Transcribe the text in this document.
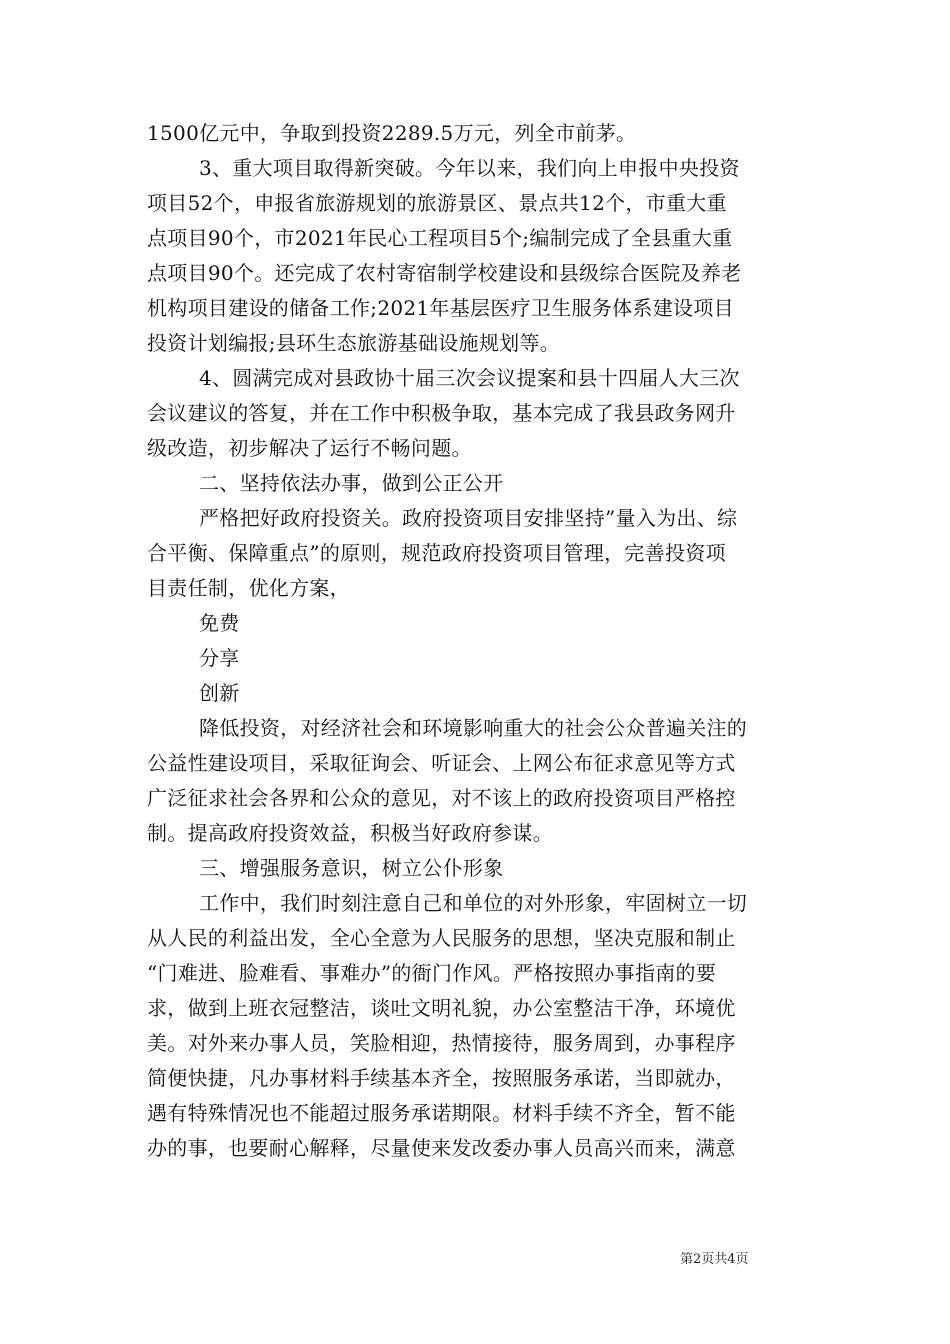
1500亿元中，争取到投资2289.5万元，列全市前茅。
3、重大项目取得新突破。今年以来，我们向上申报中央投资
项目52个，申报省旅游规划的旅游景区、景点共12个，市重大重
点项目90个，市2021年民心工程项目5个;编制完成了全县重大重
点项目90个。还完成了农村寄宿制学校建设和县级综合医院及养老
机构项目建设的储备工作;2021年基层医疗卫生服务体系建设项目
投资计划编报;县环生态旅游基础设施规划等。
4、圆满完成对县政协十届三次会议提案和县十四届人大三次
会议建议的答复，并在工作中积极争取，基本完成了我县政务网升
级改造，初步解决了运行不畅问题。
二、坚持依法办事，做到公正公开
严格把好政府投资关。政府投资项目安排坚持”量入为出、综
合平衡、保障重点”的原则，规范政府投资项目管理，完善投资项
目责任制，优化方案，
免费
分享
创新
降低投资，对经济社会和环境影响重大的社会公众普遍关注的
公益性建设项目，采取征询会、听证会、上网公布征求意见等方式
广泛征求社会各界和公众的意见，对不该上的政府投资项目严格控
制。提高政府投资效益，积极当好政府参谋。
三、增强服务意识，树立公仆形象
工作中，我们时刻注意自己和单位的对外形象，牢固树立一切
从人民的利益出发，全心全意为人民服务的思想，坚决克服和制止
“门难进、脸难看、事难办”的衙门作风。严格按照办事指南的要
求，做到上班衣冠整洁，谈吐文明礼貌，办公室整洁干净，环境优
美。对外来办事人员，笑脸相迎，热情接待，服务周到，办事程序
简便快捷，凡办事材料手续基本齐全，按照服务承诺，当即就办，
遇有特殊情况也不能超过服务承诺期限。材料手续不齐全，暂不能
办的事，也要耐心解释，尽量使来发改委办事人员高兴而来，满意
第2页共4页
